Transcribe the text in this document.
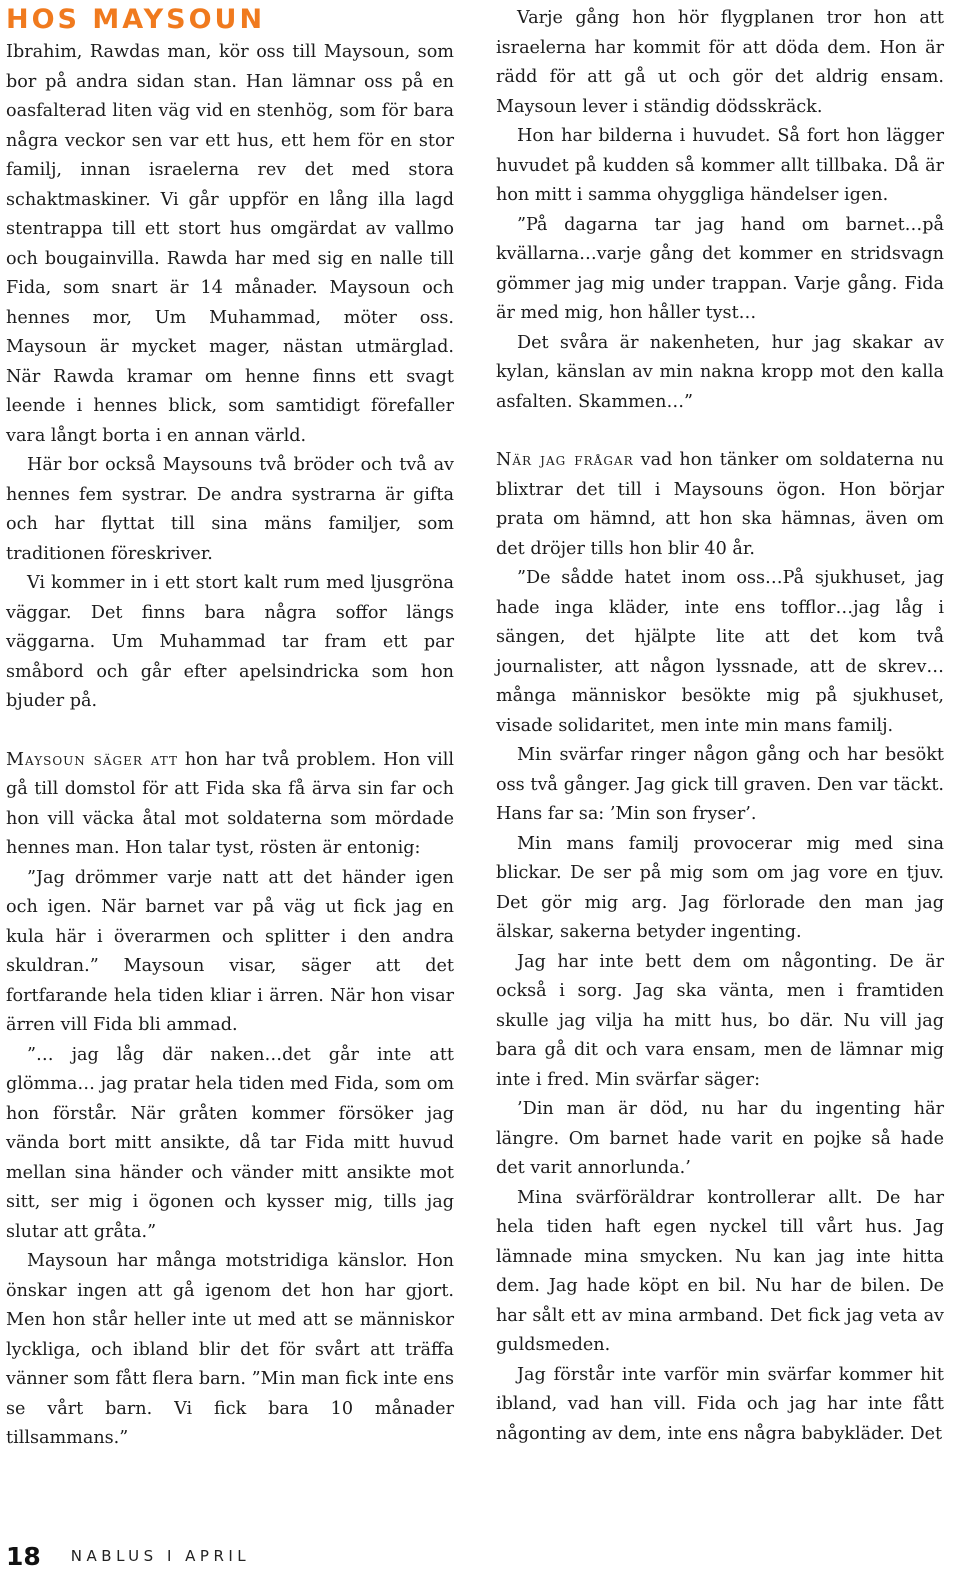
HOS MAYSOUN

Ibrahim, Rawdas man, kör oss till Maysoun, som bor på andra sidan stan. Han lämnar oss på en oasfalterad liten väg vid en stenhög, som för bara några veckor sen var ett hus, ett hem för en stor familj, innan israelerna rev det med stora schaktmaskiner. Vi går uppför en lång illa lagd stentrappa till ett stort hus omgärdat av vallmo och bougainvilla. Rawda har med sig en nalle till Fida, som snart är 14 månader. Maysoun och hennes mor, Um Muhammad, möter oss. Maysoun är mycket mager, nästan utmärglad. När Rawda kramar om henne finns ett svagt leende i hennes blick, som samtidigt förefaller vara långt borta i en annan värld.

Här bor också Maysouns två bröder och två av hennes fem systrar. De andra systrarna är gifta och har flyttat till sina mäns familjer, som traditionen föreskriver.

Vi kommer in i ett stort kalt rum med ljusgröna väggar. Det finns bara några soffor längs väggarna. Um Muhammad tar fram ett par småbord och går efter apelsindricka som hon bjuder på.

Maysoun säger att hon har två problem. Hon vill gå till domstol för att Fida ska få ärva sin far och hon vill väcka åtal mot soldaterna som mördade hennes man. Hon talar tyst, rösten är entonig:

”Jag drömmer varje natt att det händer igen och igen. När barnet var på väg ut fick jag en kula här i överarmen och splitter i den andra skuldran.” Maysoun visar, säger att det fortfarande hela tiden kliar i ärren. När hon visar ärren vill Fida bli ammad.

”… jag låg där naken…det går inte att glömma… jag pratar hela tiden med Fida, som om hon förstår. När gråten kommer försöker jag vända bort mitt ansikte, då tar Fida mitt huvud mellan sina händer och vänder mitt ansikte mot sitt, ser mig i ögonen och kysser mig, tills jag slutar att gråta.”

Maysoun har många motstridiga känslor. Hon önskar ingen att gå igenom det hon har gjort. Men hon står heller inte ut med att se människor lyckliga, och ibland blir det för svårt att träffa vänner som fått flera barn. ”Min man fick inte ens se vårt barn. Vi fick bara 10 månader tillsammans.”

Varje gång hon hör flygplanen tror hon att israelerna har kommit för att döda dem. Hon är rädd för att gå ut och gör det aldrig ensam. Maysoun lever i ständig dödsskräck.

Hon har bilderna i huvudet. Så fort hon lägger huvudet på kudden så kommer allt tillbaka. Då är hon mitt i samma ohyggliga händelser igen.

”På dagarna tar jag hand om barnet…på kvällarna…varje gång det kommer en stridsvagn gömmer jag mig under trappan. Varje gång. Fida är med mig, hon håller tyst…

Det svåra är nakenheten, hur jag skakar av kylan, känslan av min nakna kropp mot den kalla asfalten. Skammen…”

När jag frågar vad hon tänker om soldaterna nu blixtrar det till i Maysouns ögon. Hon börjar prata om hämnd, att hon ska hämnas, även om det dröjer tills hon blir 40 år.

”De sådde hatet inom oss…På sjukhuset, jag hade inga kläder, inte ens tofflor…jag låg i sängen, det hjälpte lite att det kom två journalister, att någon lyssnade, att de skrev…många människor besökte mig på sjukhuset, visade solidaritet, men inte min mans familj.

Min svärfar ringer någon gång och har besökt oss två gånger. Jag gick till graven. Den var täckt. Hans far sa: ’Min son fryser’.

Min mans familj provocerar mig med sina blickar. De ser på mig som om jag vore en tjuv. Det gör mig arg. Jag förlorade den man jag älskar, sakerna betyder ingenting.

Jag har inte bett dem om någonting. De är också i sorg. Jag ska vänta, men i framtiden skulle jag vilja ha mitt hus, bo där. Nu vill jag bara gå dit och vara ensam, men de lämnar mig inte i fred. Min svärfar säger:

’Din man är död, nu har du ingenting här längre. Om barnet hade varit en pojke så hade det varit annorlunda.’

Mina svärföräldrar kontrollerar allt. De har hela tiden haft egen nyckel till vårt hus. Jag lämnade mina smycken. Nu kan jag inte hitta dem. Jag hade köpt en bil. Nu har de bilen. De har sålt ett av mina armband. Det fick jag veta av guldsmeden.

Jag förstår inte varför min svärfar kommer hit ibland, vad han vill. Fida och jag har inte fått någonting av dem, inte ens några babykläder. Det

18 NABLUS I APRIL
